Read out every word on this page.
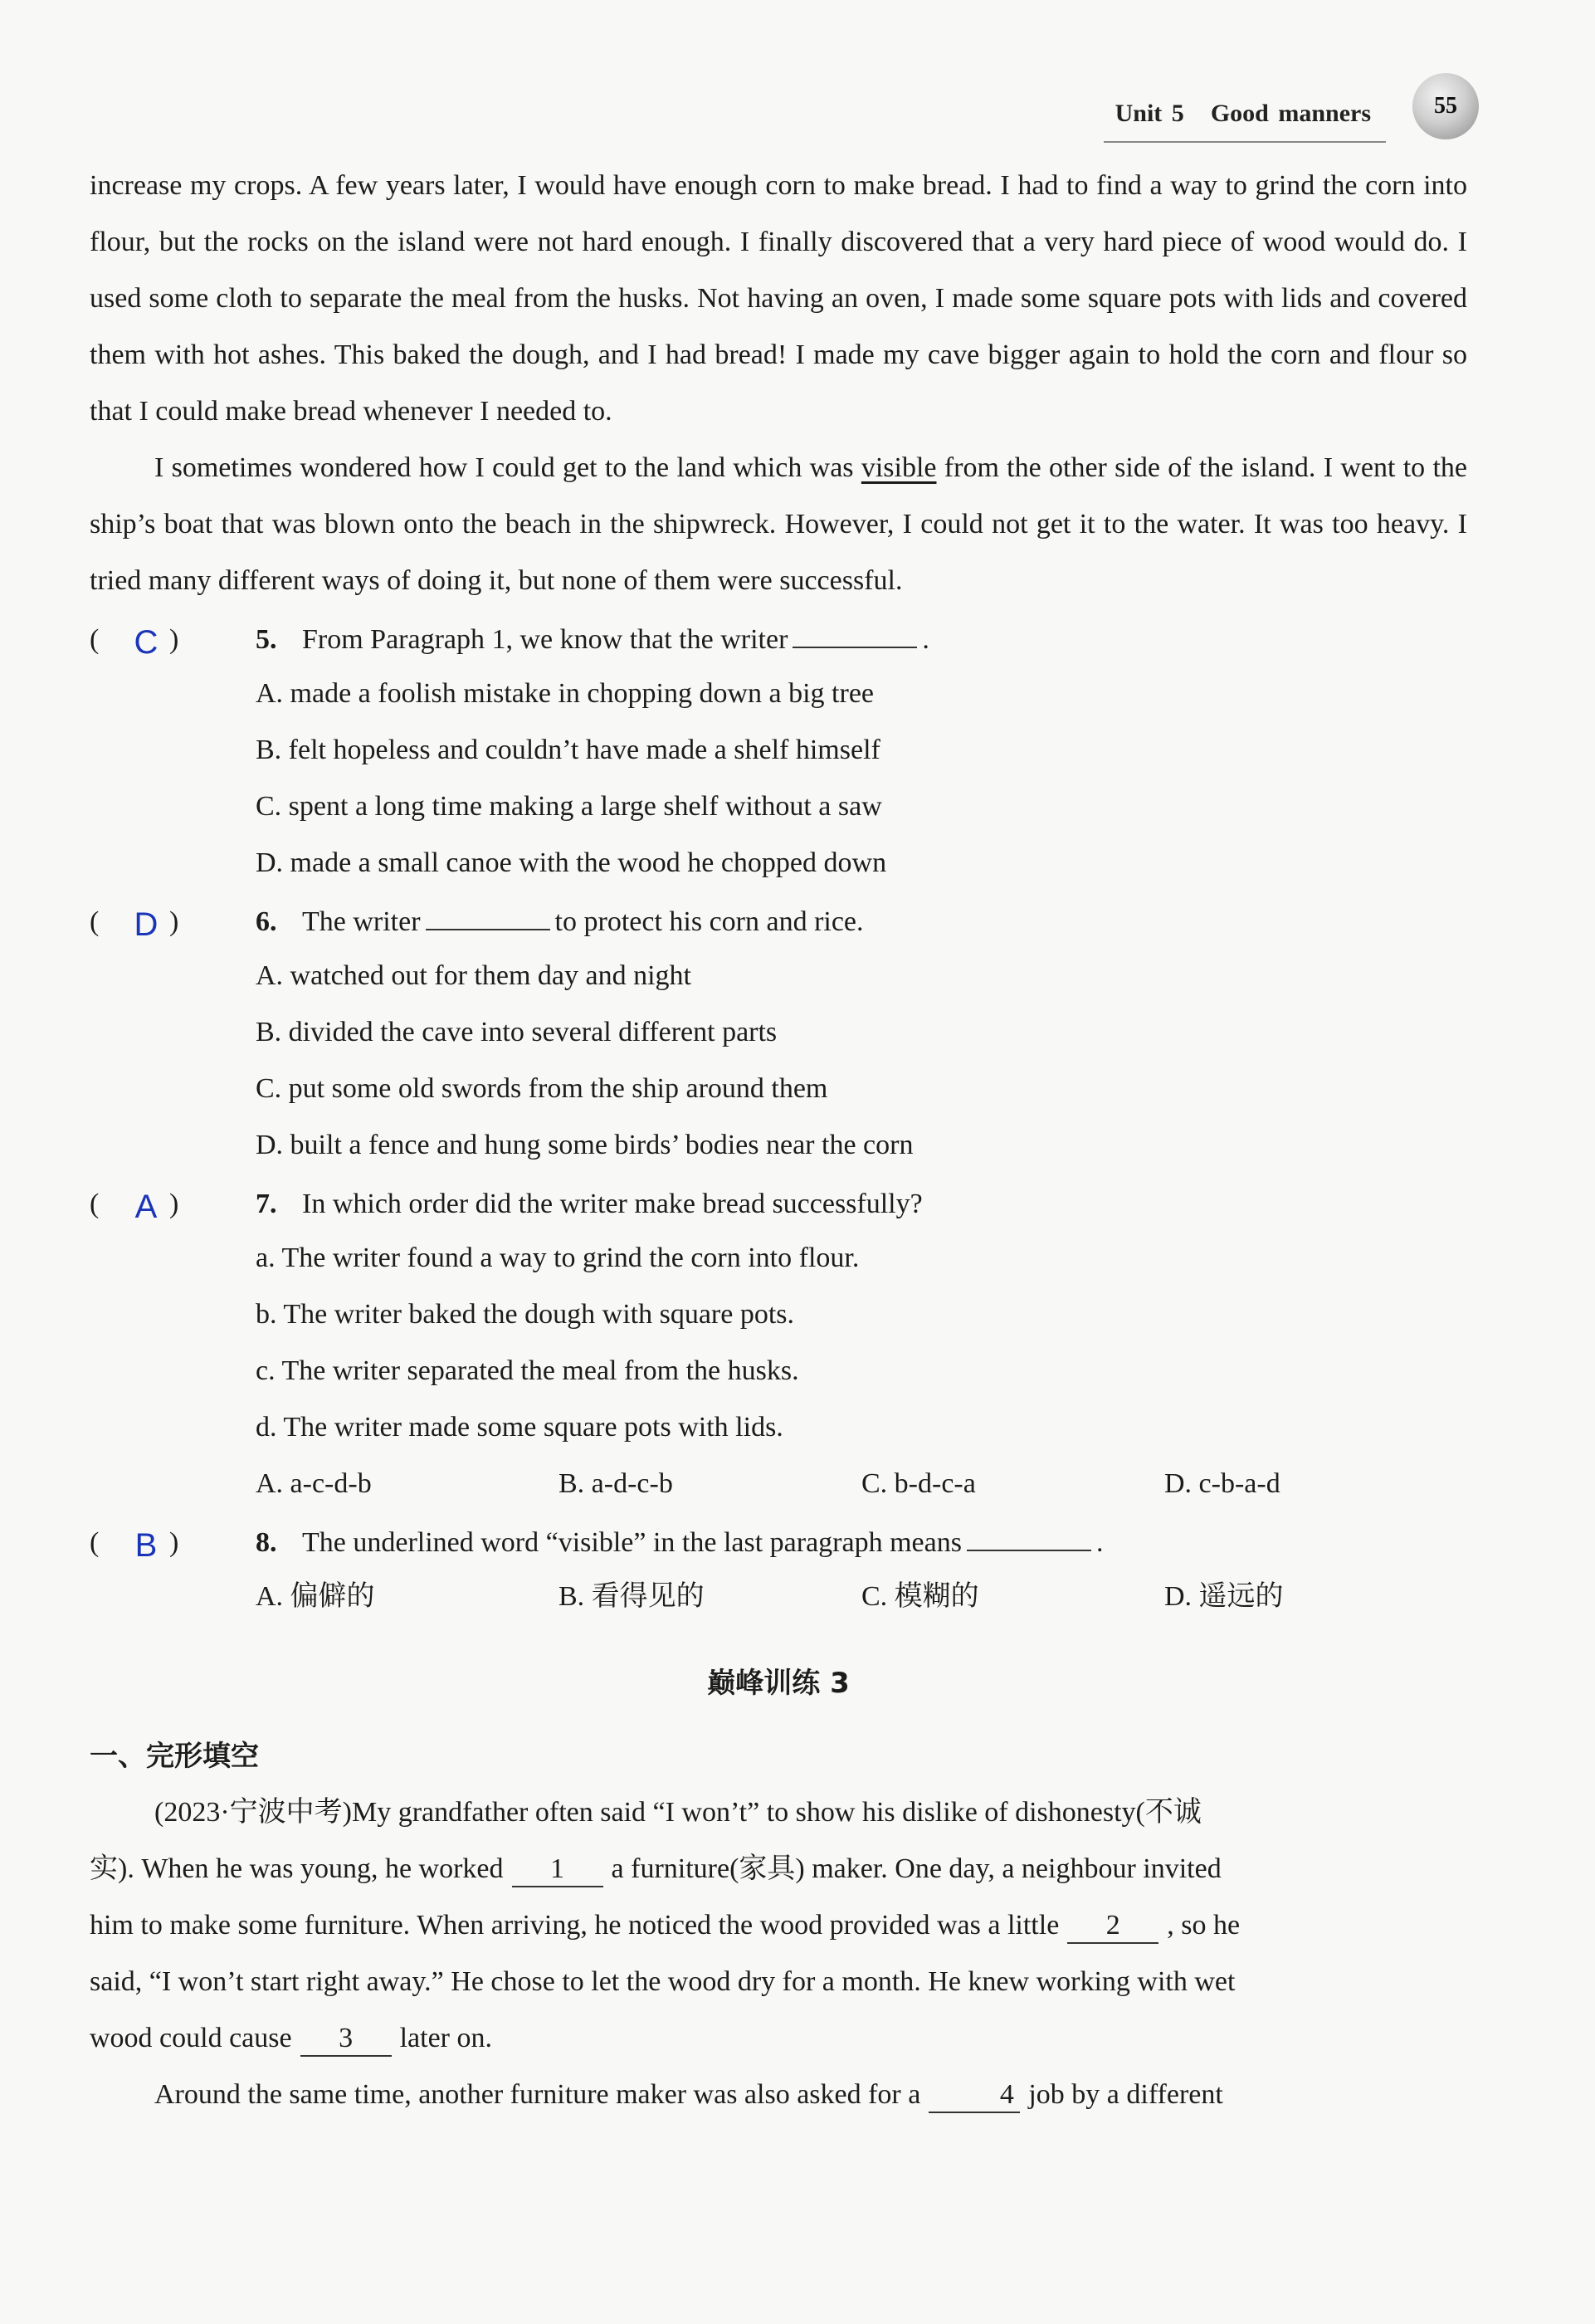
Unit 5 Good manners	55

increase my crops. A few years later, I would have enough corn to make bread. I had to find a way to grind the corn into flour, but the rocks on the island were not hard enough. I finally discovered that a very hard piece of wood would do. I used some cloth to separate the meal from the husks. Not having an oven, I made some square pots with lids and covered them with hot ashes. This baked the dough, and I had bread! I made my cave bigger again to hold the corn and flour so that I could make bread whenever I needed to.

I sometimes wondered how I could get to the land which was visible from the other side of the island. I went to the ship’s boat that was blown onto the beach in the shipwreck. However, I could not get it to the water. It was too heavy. I tried many different ways of doing it, but none of them were successful.

(	C )	5. From Paragraph 1, we know that the writer	.
A. made a foolish mistake in chopping down a big tree
B. felt hopeless and couldn’t have made a shelf himself
C. spent a long time making a large shelf without a saw
D. made a small canoe with the wood he chopped down
(	D )	6. The writer	to protect his corn and rice.
A. watched out for them day and night
B. divided the cave into several different parts
C. put some old swords from the ship around them
D. built a fence and hung some birds’ bodies near the corn
(	A )	7. In which order did the writer make bread successfully?
a. The writer found a way to grind the corn into flour.
b. The writer baked the dough with square pots.
c. The writer separated the meal from the husks.
d. The writer made some square pots with lids.
A. a-c-d-b	B. a-d-c-b	C. b-d-c-a	D. c-b-a-d
(	B )	8. The underlined word “visible” in the last paragraph means	.
A. 偏僻的	B. 看得见的	C. 模糊的	D. 遥远的
巅峰训练 3

一、完形填空

(2023·宁波中考)My grandfather often said “I won’t” to show his dislike of dishonesty(不诚

实). When he was young, he worked 1 a furniture(家具) maker. One day, a neighbour invited

him to make some furniture. When arriving, he noticed the wood provided was a little 2 , so he

said, “I won’t start right away.” He chose to let the wood dry for a month. He knew working with wet

wood could cause 3 later on.

Around the same time, another furniture maker was also asked for a	4 job by a different
